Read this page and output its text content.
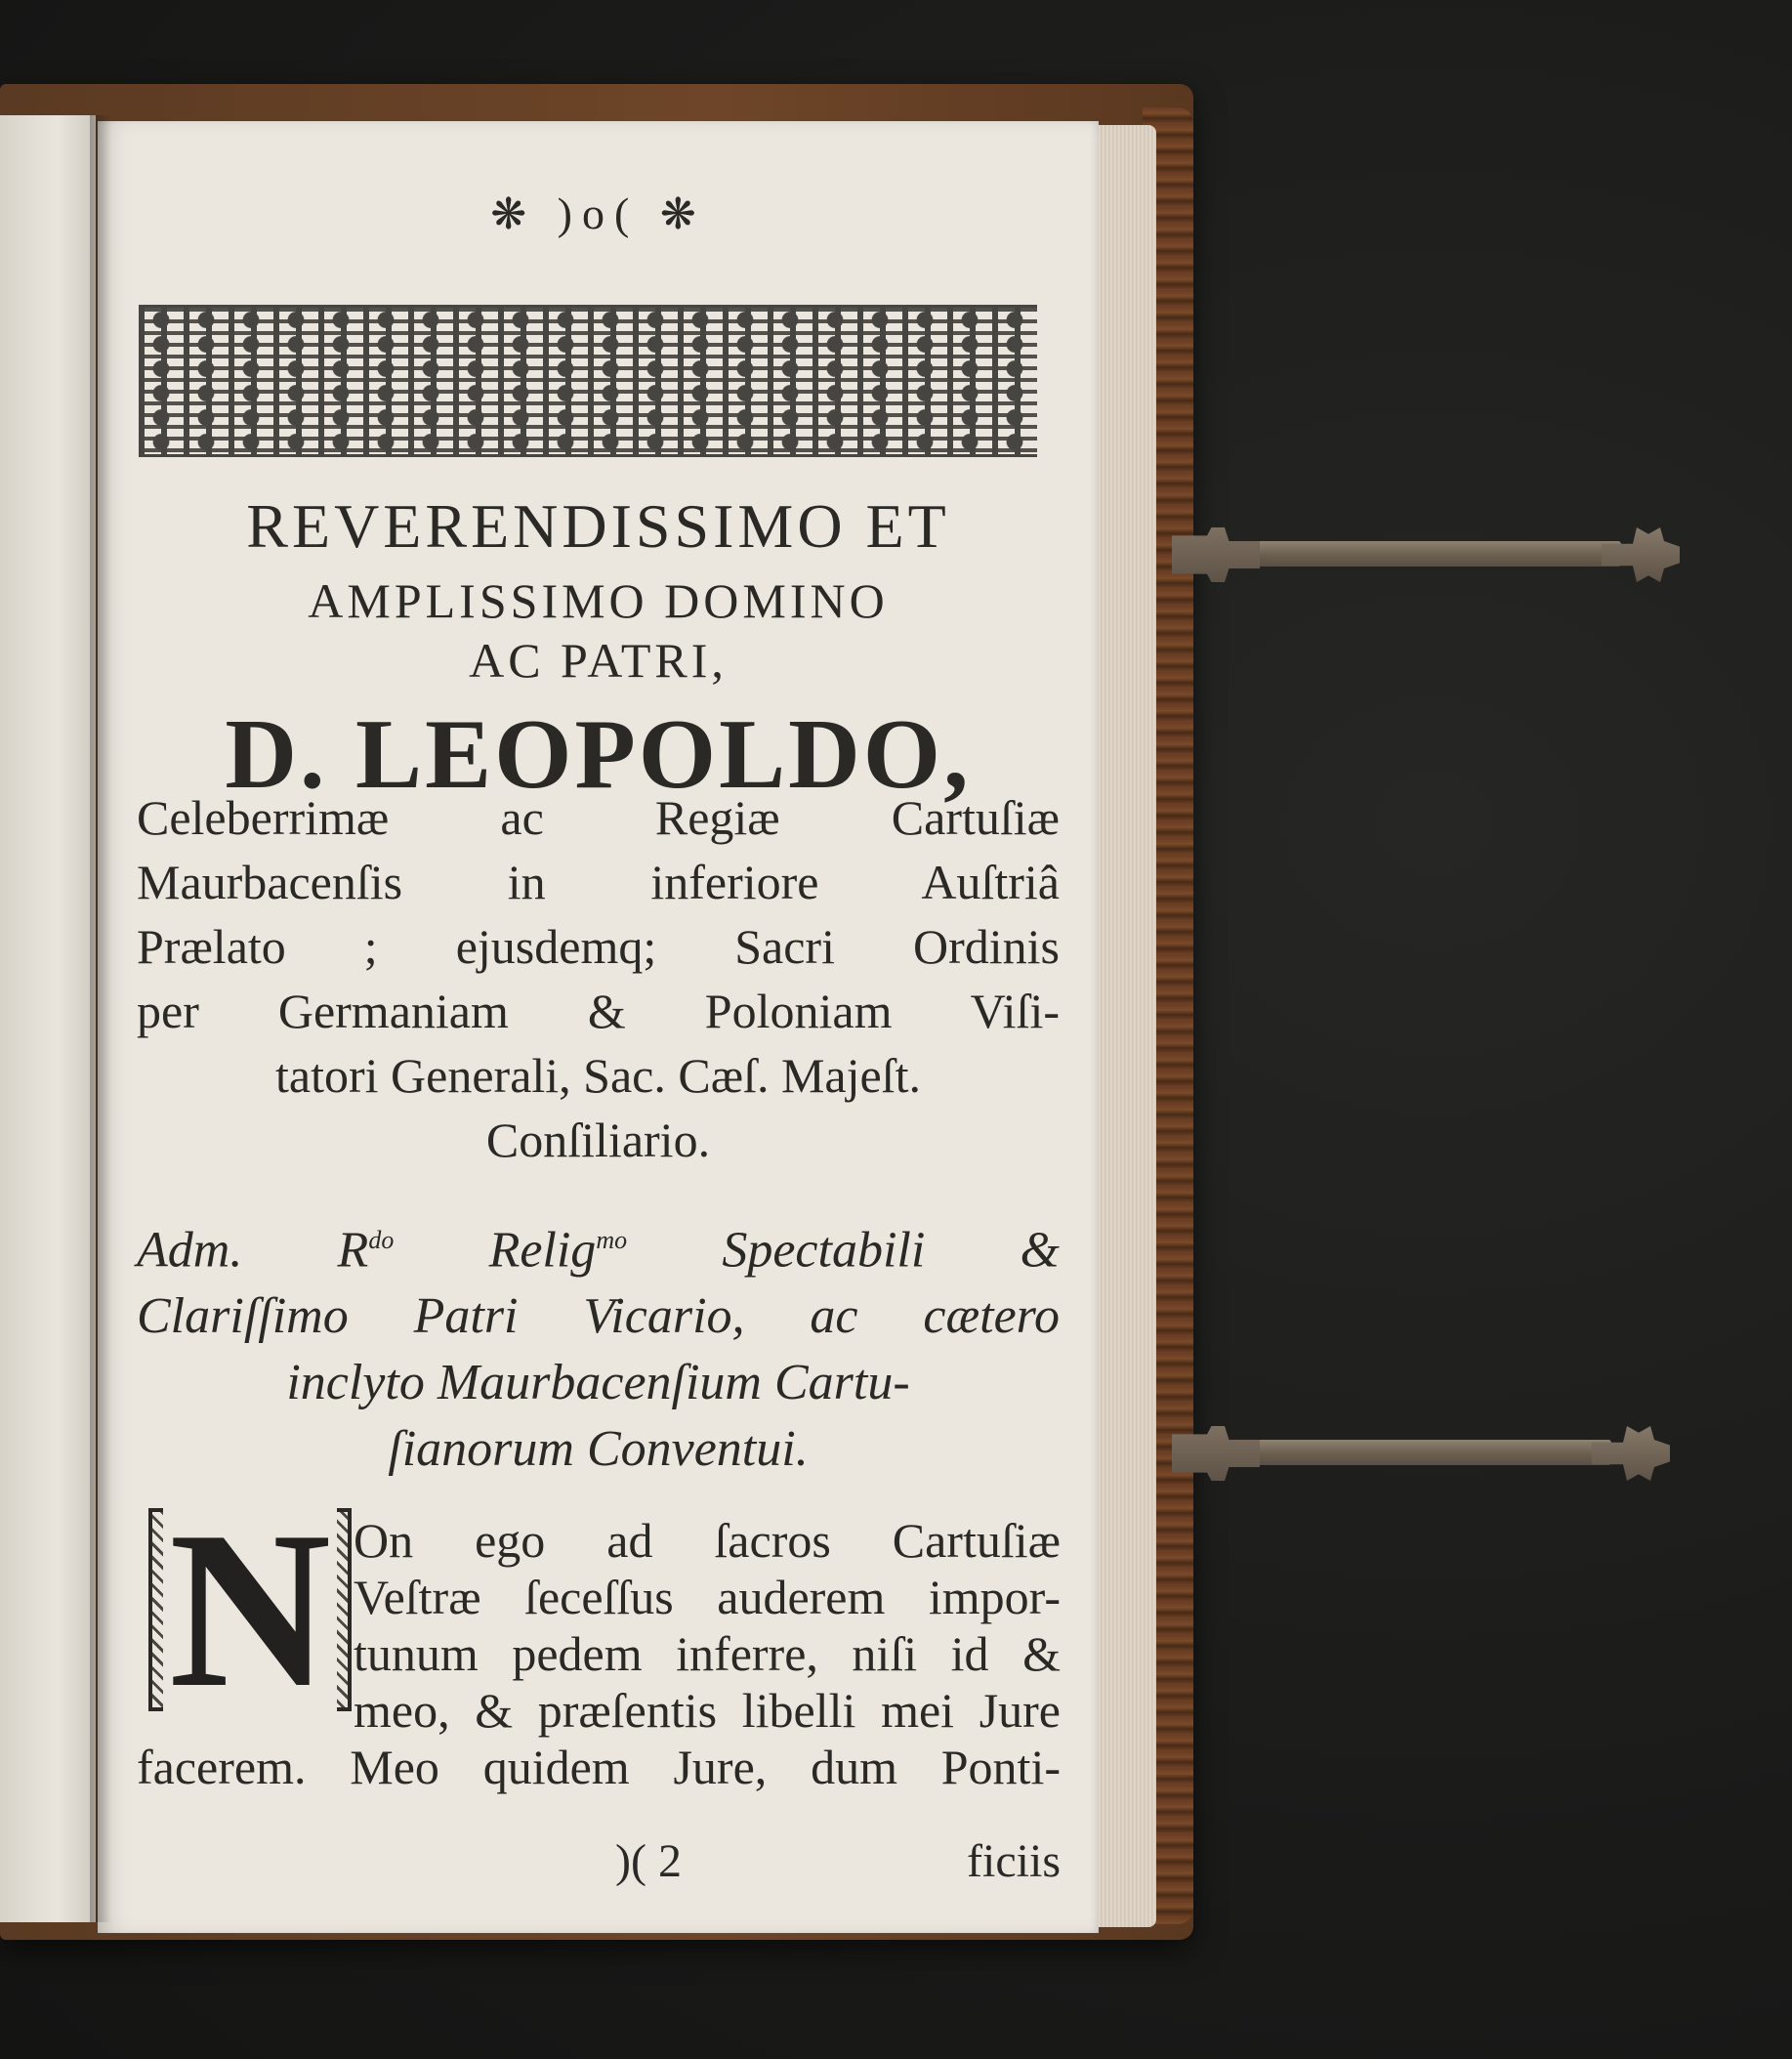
❋ )o( ❋
REVERENDISSIMO ET
AMPLISSIMO DOMINO
AC PATRI,
D. LEOPOLDO,
Celeberrimæ ac Regiæ Cartuſiæ
Maurbacenſis in inferiore Auſtriâ
Prælato ; ejusdemq; Sacri Ordinis
per Germaniam & Poloniam Viſi-
tatori Generali, Sac. Cæſ. Majeſt.
Conſiliario.
Adm. $R^{do}$ Relig$^{mo}$ Spectabili &
Clariſſimo Patri Vicario, ac cætero
inclyto Maurbacenſium Cartu-
ſianorum Conventui.
N On ego ad ſacros Cartuſiæ
Veſtræ ſeceſſus auderem impor-
tunum pedem inferre, niſi id &
meo, & præſentis libelli mei Jure
facerem. Meo quidem Jure, dum Ponti-
)( 2	ficiis
